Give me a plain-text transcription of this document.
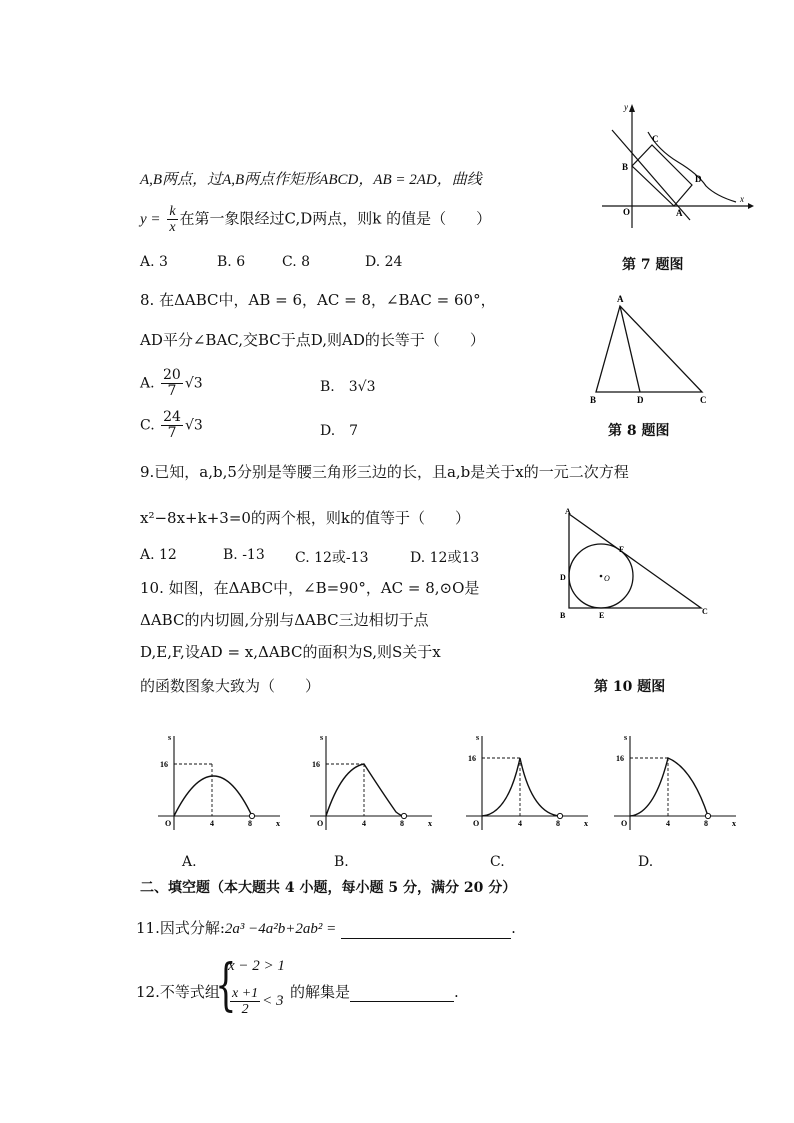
A,B两点，过A,B两点作矩形ABCD，AB = 2AD，曲线
$y = \frac{k}{x}$ 在第一象限经过C,D两点，则k 的值是（　　）
A. 3	B. 6	C. 8	D. 24
y
x
O	A
B
C
D
第 7 题图
8. 在ΔABC中，AB = 6，AC = 8，∠BAC = 60°，
AD平分∠BAC,交BC于点D,则AD的长等于（　　）
A. $\frac{20}{7} √3$	B.　3√3
C. $\frac{24}{7} √3$	D.　7
A
B	C
D
第 8 题图
9.已知，a,b,5分别是等腰三角形三边的长，且a,b是关于x的一元二次方程
x²−8x+k+3=0的两个根，则k的值等于（　　）
A. 12	B. -13 C. 12或-13	D. 12或13
10. 如图，在ΔABC中，∠B=90°，AC = 8,⊙O是
ΔABC的内切圆,分别与ΔABC三边相切于点
D,E,F,设AD = x,ΔABC的面积为S,则S关于x
的函数图象大致为（　　）
A
B	C
D
E
F
O
第 10 题图
s
x
O
16
4	8
A.
s
x
O
16
4	8
B.
s
x
O
16
4	8
C.
s
x
O
16
4	8
D.
二、填空题（本大题共 4 小题，每小题 5 分，满分 20 分）
11.因式分解:2a³ −4a²b+2ab² =	.
12.不等式组
{
x − 2 > 1
$\frac{x +1}{2} < 3$ 的解集是	.
